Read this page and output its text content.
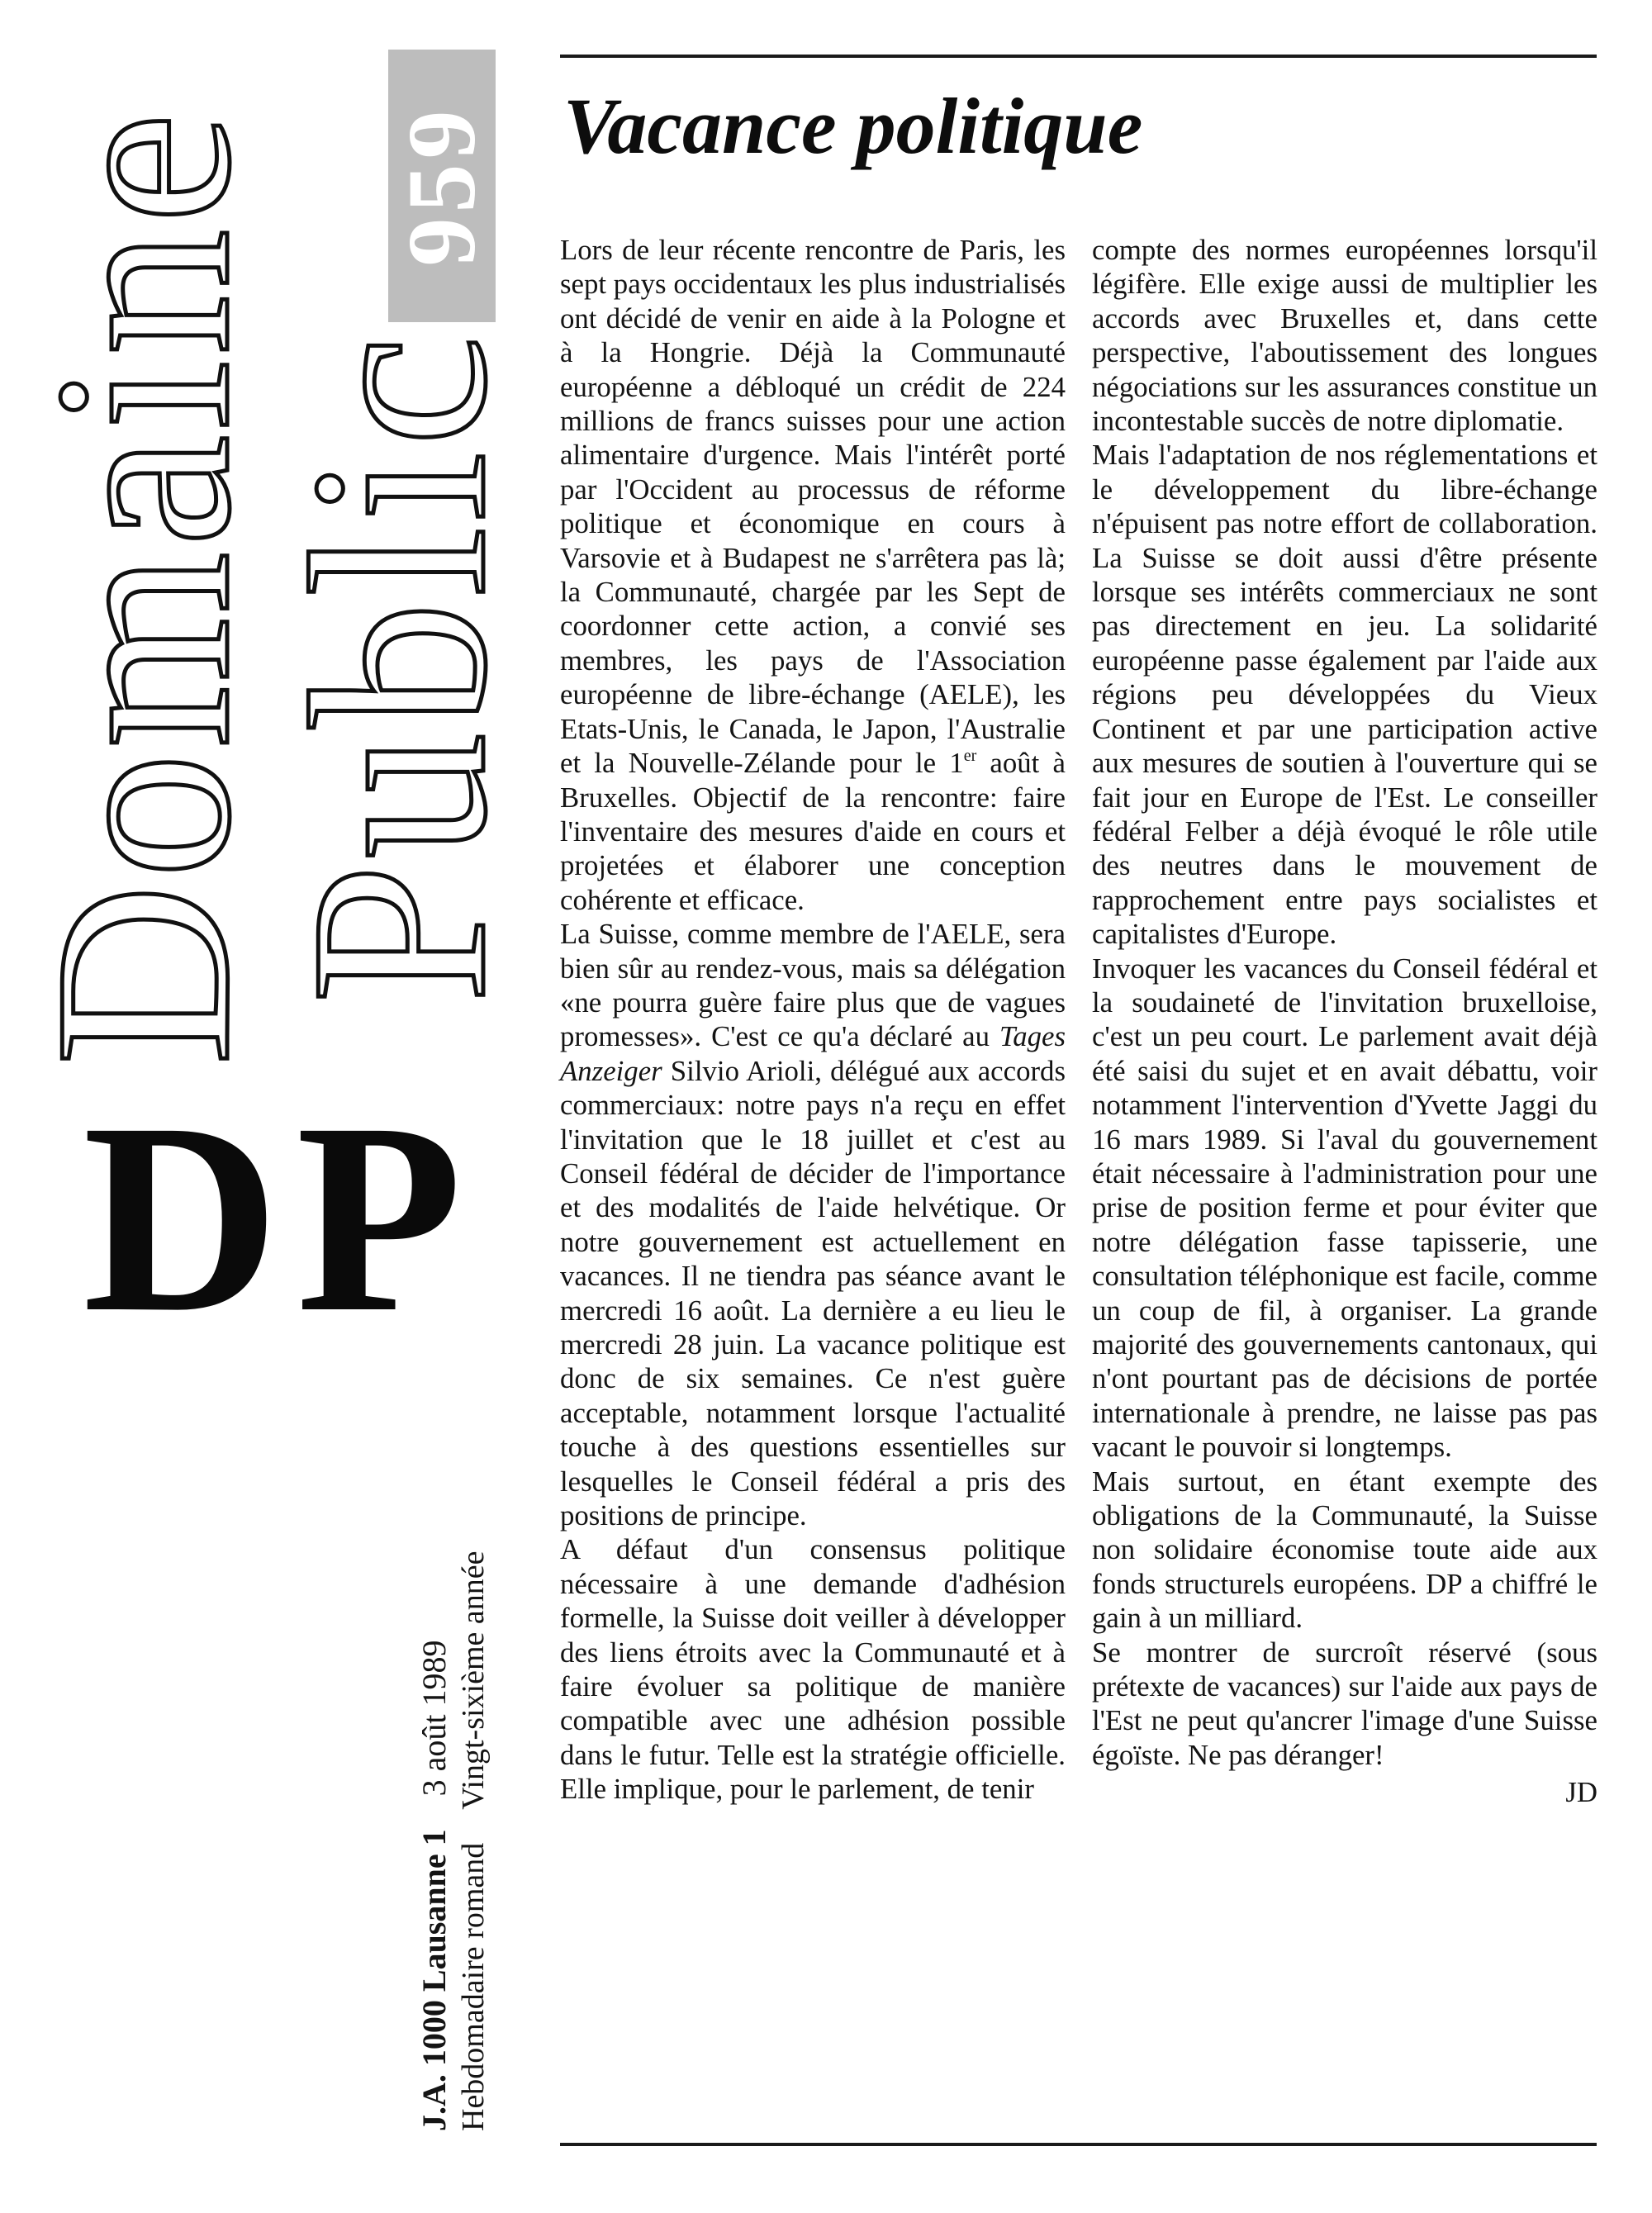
Domaine
Public
959
DP
J.A. 1000 Lausanne 13 août 1989
Hebdomadaire romandVingt-sixième année
Vacance politique

Lors de leur récente rencontre de Paris, les sept pays occidentaux les plus industrialisés ont décidé de venir en aide à la Pologne et à la Hongrie. Déjà la Communauté européenne a débloqué un crédit de 224 millions de francs suisses pour une action alimentaire d'urgence. Mais l'intérêt porté par l'Occident au processus de réforme politique et économique en cours à Varsovie et à Budapest ne s'arrêtera pas là; la Communauté, chargée par les Sept de coordonner cette action, a convié ses membres, les pays de l'Association européenne de libre-échange (AELE), les Etats-Unis, le Canada, le Japon, l'Australie et la Nouvelle-Zélande pour le 1er août à Bruxelles. Objectif de la rencontre: faire l'inventaire des mesures d'aide en cours et projetées et élaborer une conception cohérente et efficace.

La Suisse, comme membre de l'AELE, sera bien sûr au rendez-vous, mais sa délégation «ne pourra guère faire plus que de vagues promesses». C'est ce qu'a déclaré au Tages Anzeiger Silvio Arioli, délégué aux accords commerciaux: notre pays n'a reçu en effet l'invitation que le 18 juillet et c'est au Conseil fédéral de décider de l'importance et des modalités de l'aide helvétique. Or notre gouvernement est actuellement en vacances. Il ne tiendra pas séance avant le mercredi 16 août. La dernière a eu lieu le mercredi 28 juin. La vacance politique est donc de six semaines. Ce n'est guère acceptable, notamment lorsque l'actualité touche à des questions essentielles sur lesquelles le Conseil fédéral a pris des positions de principe.

A défaut d'un consensus politique nécessaire à une demande d'adhésion formelle, la Suisse doit veiller à développer des liens étroits avec la Communauté et à faire évoluer sa politique de manière compatible avec une adhésion possible dans le futur. Telle est la stratégie officielle. Elle implique, pour le parlement, de tenir

compte des normes européennes lorsqu'il légifère. Elle exige aussi de multiplier les accords avec Bruxelles et, dans cette perspective, l'aboutissement des longues négociations sur les assurances constitue un incontestable succès de notre diplomatie.

Mais l'adaptation de nos réglementations et le développement du libre-échange n'épuisent pas notre effort de collaboration. La Suisse se doit aussi d'être présente lorsque ses intérêts commerciaux ne sont pas directement en jeu. La solidarité européenne passe également par l'aide aux régions peu développées du Vieux Continent et par une participation active aux mesures de soutien à l'ouverture qui se fait jour en Europe de l'Est. Le conseiller fédéral Felber a déjà évoqué le rôle utile des neutres dans le mouvement de rapprochement entre pays socialistes et capitalistes d'Europe.

Invoquer les vacances du Conseil fédéral et la soudaineté de l'invitation bruxelloise, c'est un peu court. Le parlement avait déjà été saisi du sujet et en avait débattu, voir notamment l'intervention d'Yvette Jaggi du 16 mars 1989. Si l'aval du gouvernement était nécessaire à l'administration pour une prise de position ferme et pour éviter que notre délégation fasse tapisserie, une consultation téléphonique est facile, comme un coup de fil, à organiser. La grande majorité des gouvernements cantonaux, qui n'ont pourtant pas de décisions de portée internationale à prendre, ne laisse pas pas vacant le pouvoir si longtemps.

Mais surtout, en étant exempte des obligations de la Communauté, la Suisse non solidaire économise toute aide aux fonds structurels européens. DP a chiffré le gain à un milliard.

Se montrer de surcroît réservé (sous prétexte de vacances) sur l'aide aux pays de l'Est ne peut qu'ancrer l'image d'une Suisse égoïste. Ne pas déranger!

JD
